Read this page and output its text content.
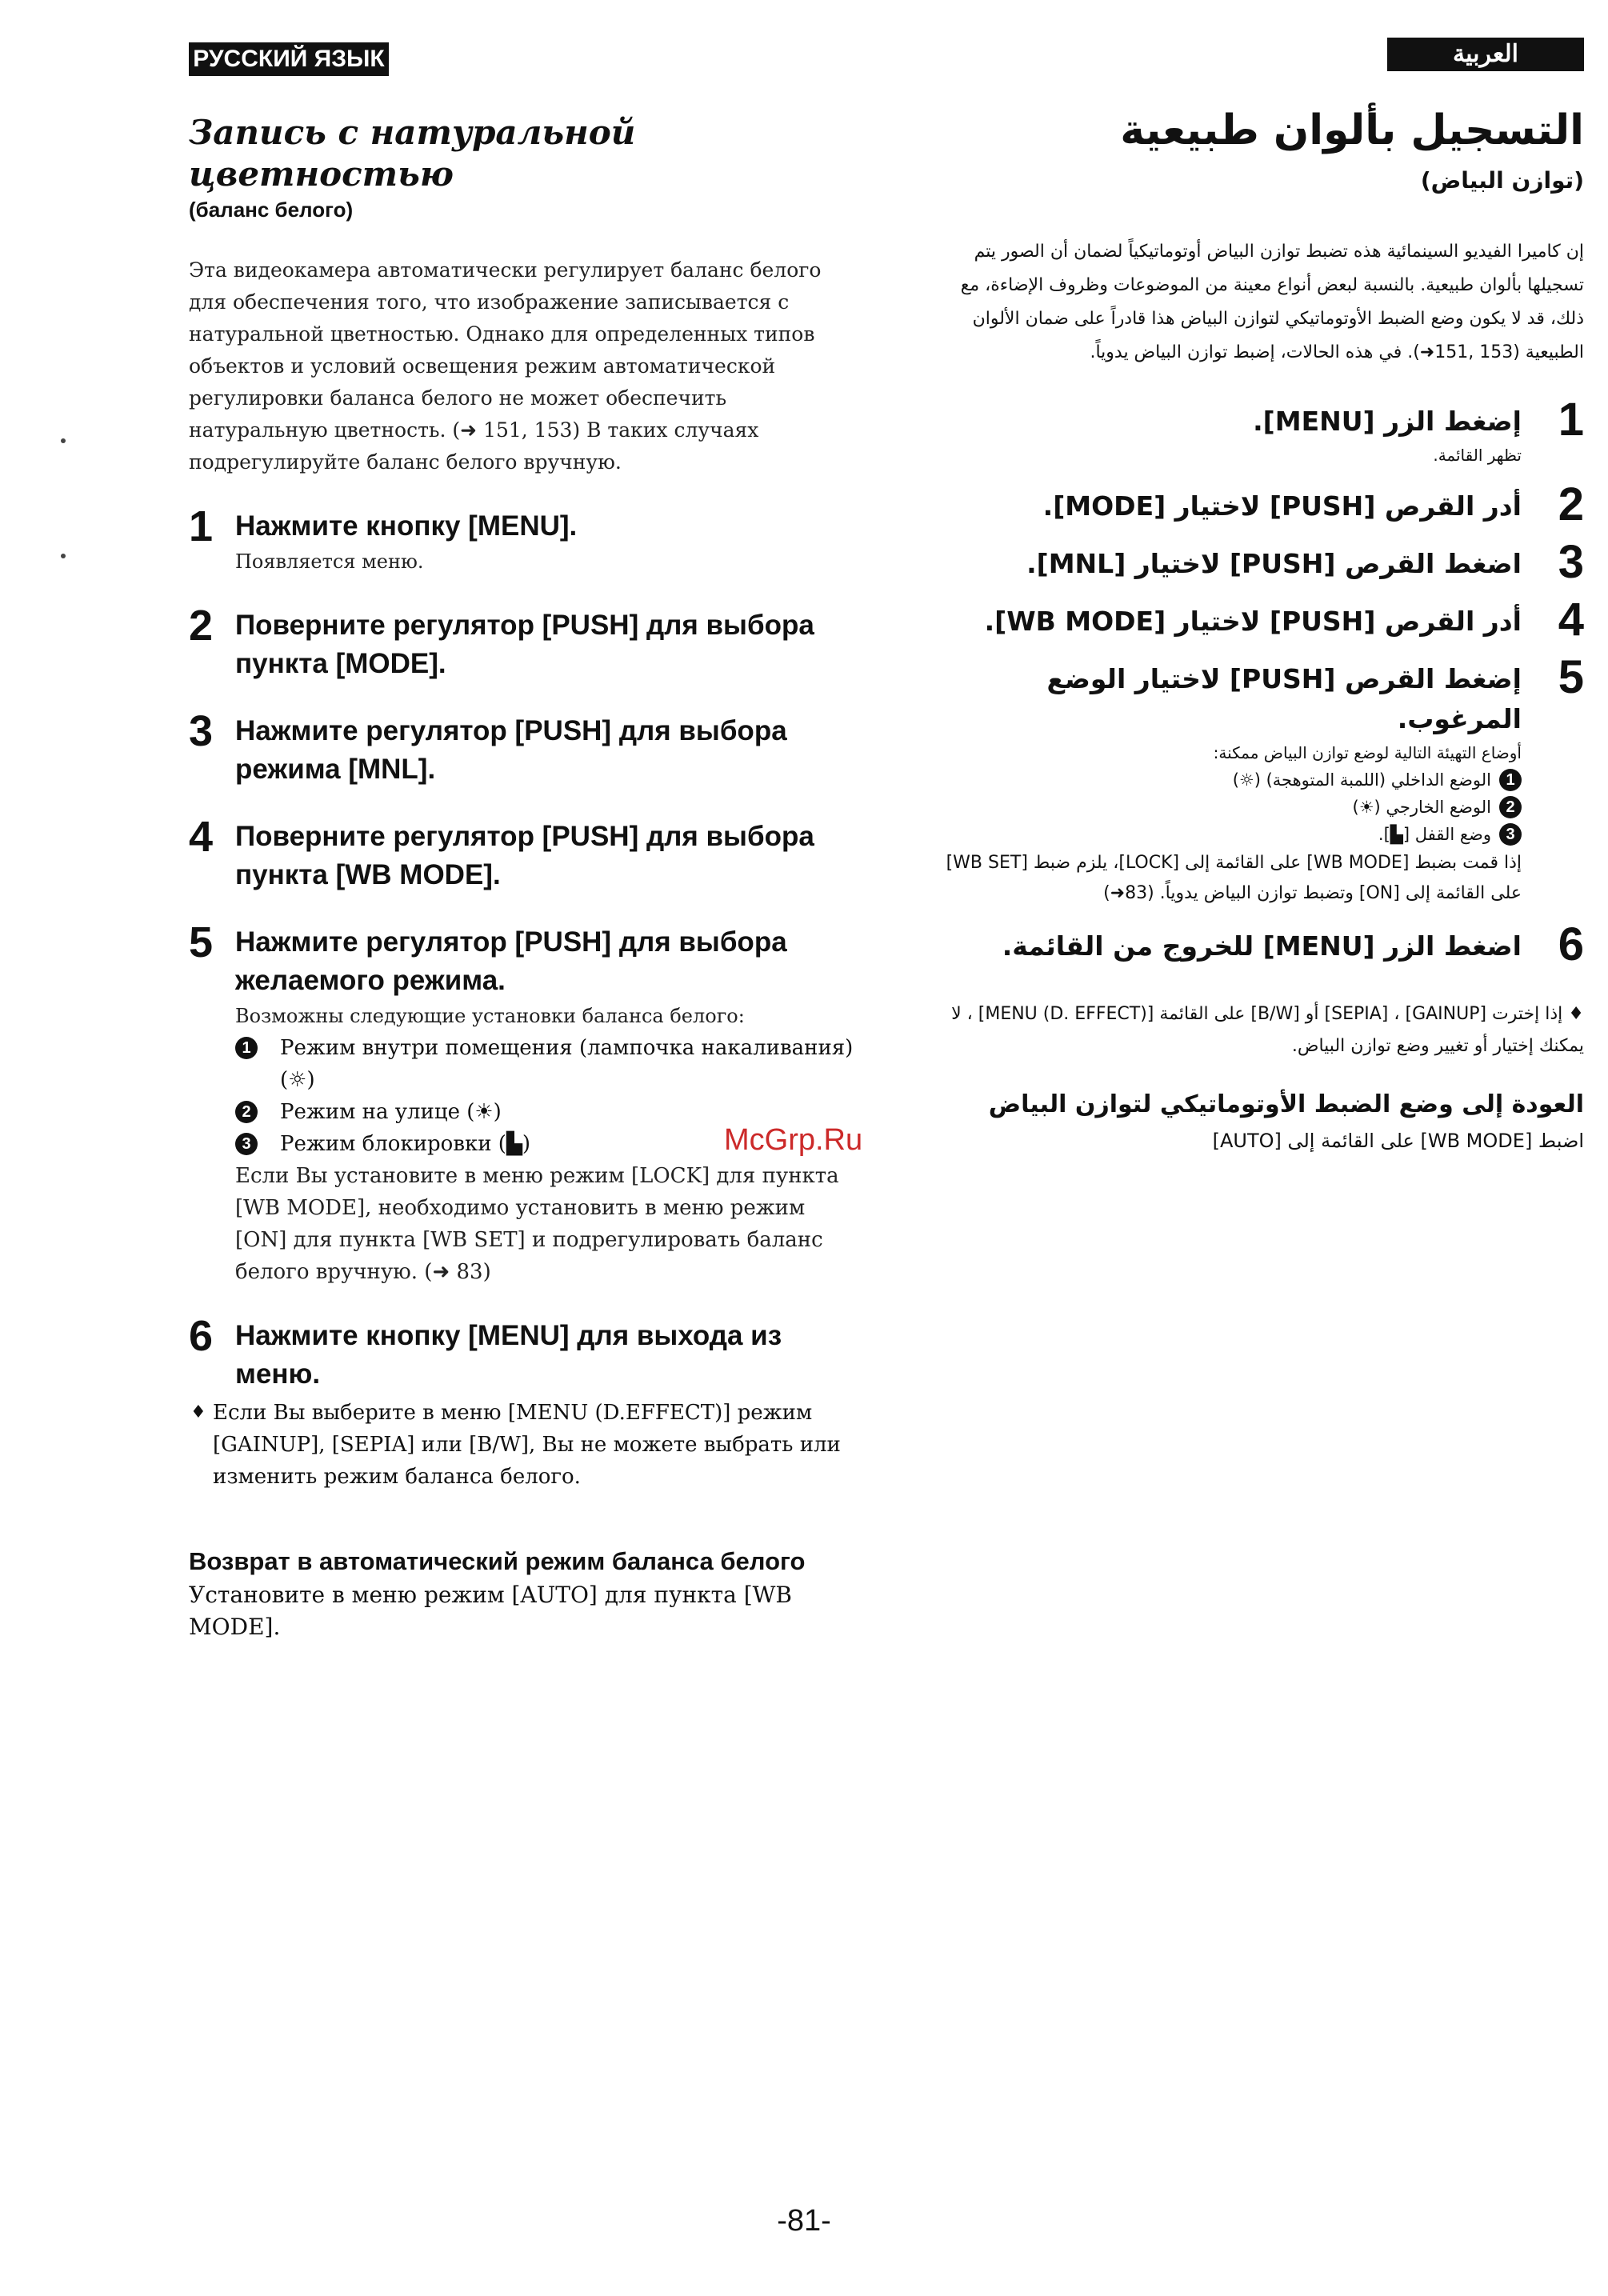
РУССКИЙ ЯЗЫК	العربية
Запись с натуральной цветностью

(баланс белого)

Эта видеокамера автоматически регулирует баланс белого для обеспечения того, что изображение записывается с натуральной цветностью. Однако для определенных типов объектов и условий освещения режим автоматической регулировки баланса белого не может обеспечить натуральную цветность. (➜ 151, 153) В таких случаях подрегулируйте баланс белого вручную.

1 Нажмите кнопку [MENU].
Появляется меню.
2 Поверните регулятор [PUSH] для выбора пункта [MODE].
3 Нажмите регулятор [PUSH] для выбора режима [MNL].
4 Поверните регулятор [PUSH] для выбора пункта [WB MODE].
5 Нажмите регулятор [PUSH] для выбора желаемого режима.
Возможны следующие установки баланса белого:
1	Режим внутри помещения (лампочка накаливания) (☼)
2	Режим на улице (☀)
3	Режим блокировки (▙)
Если Вы установите в меню режим [LOCK] для пункта [WB MODE], необходимо установить в меню режим [ON] для пункта [WB SET] и подрегулировать баланс белого вручную. (➜ 83)
6 Нажмите кнопку [MENU] для выхода из меню.
♦ Если Вы выберите в меню [MENU (D.EFFECT)] режим [GAINUP], [SEPIA] или [B/W], Вы не можете выбрать или изменить режим баланса белого.
Возврат в автоматический режим баланса белого

Установите в меню режим [AUTO] для пункта [WB MODE].

التسجيل بألوان طبيعية

(توازن البياض)

إن كاميرا الفيديو السينمائية هذه تضبط توازن البياض أوتوماتيكياً لضمان أن الصور يتم تسجيلها بألوان طبيعية. بالنسبة لبعض أنواع معينة من الموضوعات وظروف الإضاءة، مع ذلك، قد لا يكون وضع الضبط الأوتوماتيكي لتوازن البياض هذا قادراً على ضمان الألوان الطبيعية (153 ,151➜). في هذه الحالات، إضبط توازن البياض يدوياً.

1
إضغط الزر [MENU].
تظهر القائمة.
2
أدر القرص [PUSH] لاختيار [MODE].
3
اضغط القرص [PUSH] لاختيار [MNL].
4
أدر القرص [PUSH] لاختيار [WB MODE].
5
إضغط القرص [PUSH] لاختيار الوضع المرغوب.
أوضاع التهيئة التالية لوضع توازن البياض ممكنة:
1
الوضع الداخلي (اللمبة المتوهجة) (☼)
2
الوضع الخارجي (☀)
3
وضع القفل [▙].
إذا قمت بضبط [WB MODE] على القائمة إلى [LOCK]، يلزم ضبط [WB SET] على القائمة إلى [ON] وتضبط توازن البياض يدوياً. (83➜)
6
اضغط الزر [MENU] للخروج من القائمة.

♦ إذا إخترت [GAINUP] ، [SEPIA] أو [B/W] على القائمة [MENU (D. EFFECT)] ، لا يمكنك إختيار أو تغيير وضع توازن البياض.

العودة إلى وضع الضبط الأوتوماتيكي لتوازن البياض

اضبط [WB MODE] على القائمة إلى [AUTO]

McGrp.Ru
-81-
